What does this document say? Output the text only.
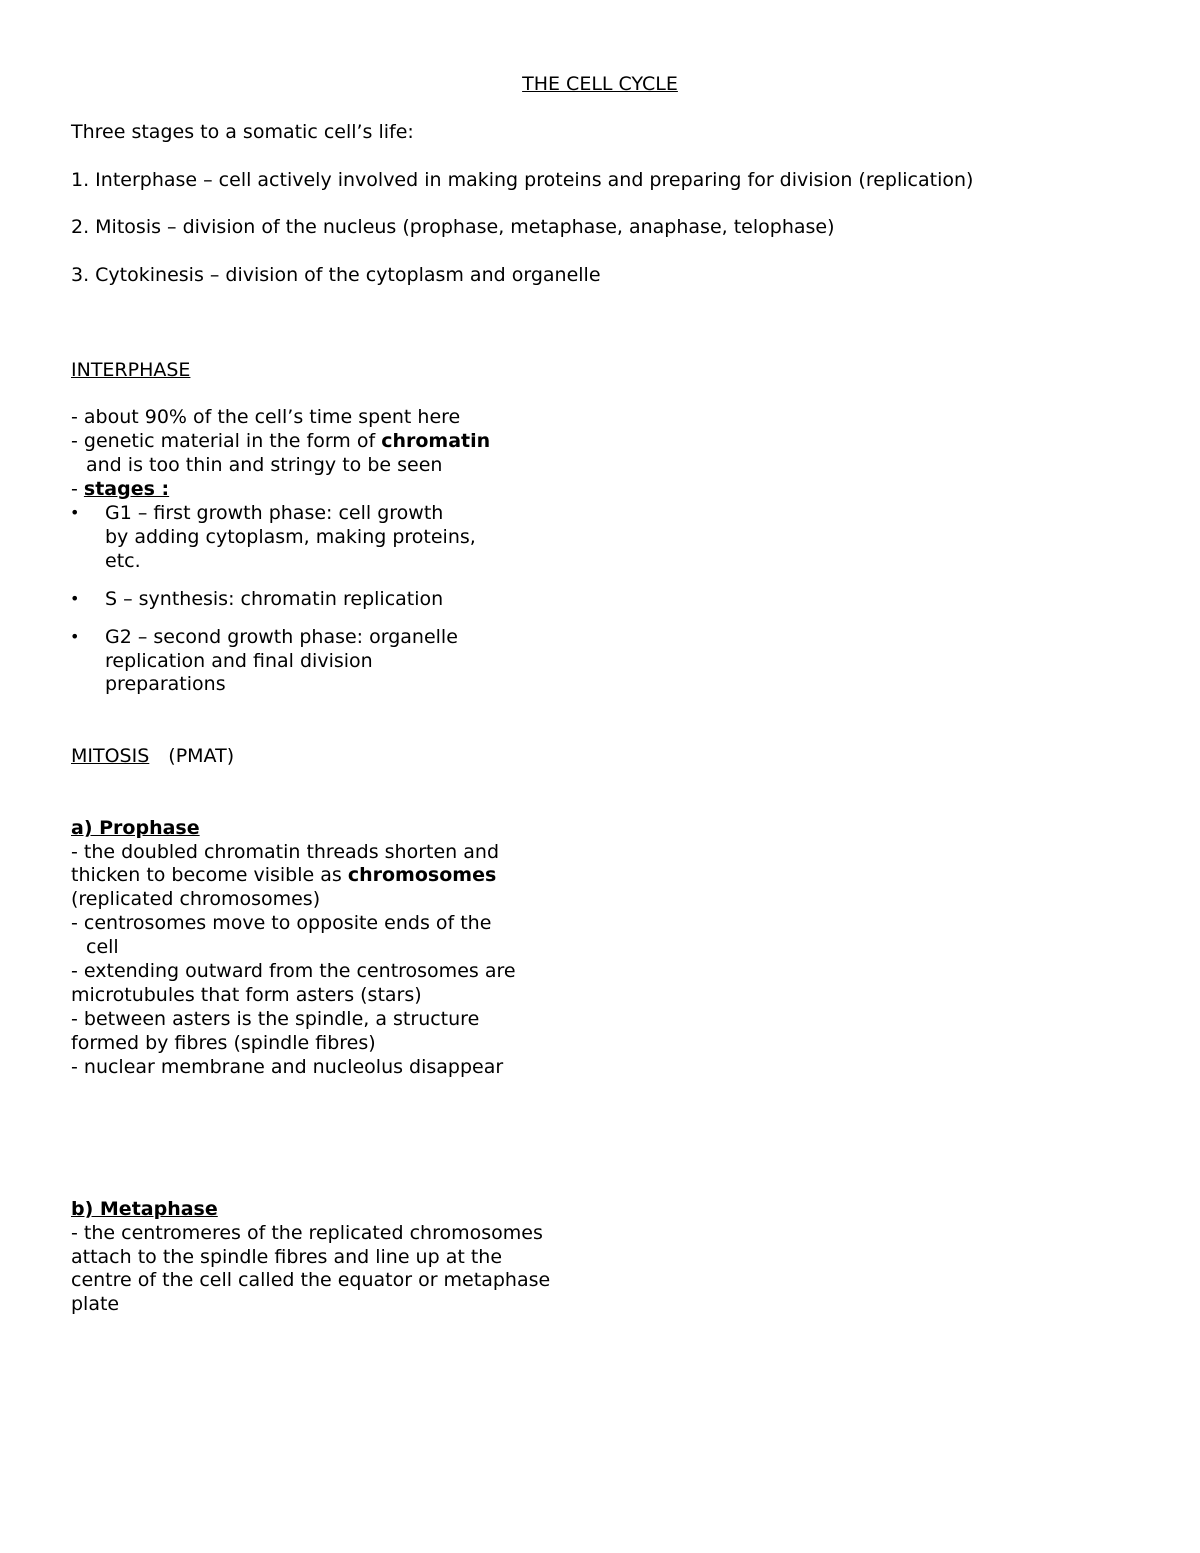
THE CELL CYCLE
Three stages to a somatic cell’s life:
1. Interphase – cell actively involved in making proteins and preparing for division (replication)
2. Mitosis – division of the nucleus (prophase, metaphase, anaphase, telophase)
3. Cytokinesis – division of the cytoplasm and organelle
INTERPHASE
- about 90% of the cell’s time spent here
- genetic material in the form of chromatin
and is too thin and stringy to be seen
- stages :
• G1 – first growth phase: cell growth
by adding cytoplasm, making proteins,
etc.
• S – synthesis: chromatin replication
• G2 – second growth phase: organelle
replication and final division
preparations
MITOSIS (PMAT)
a) Prophase
- the doubled chromatin threads shorten and
thicken to become visible as chromosomes
(replicated chromosomes)
- centrosomes move to opposite ends of the
cell
- extending outward from the centrosomes are
microtubules that form asters (stars)
- between asters is the spindle, a structure
formed by fibres (spindle fibres)
- nuclear membrane and nucleolus disappear
b) Metaphase
- the centromeres of the replicated chromosomes
attach to the spindle fibres and line up at the
centre of the cell called the equator or metaphase
plate
